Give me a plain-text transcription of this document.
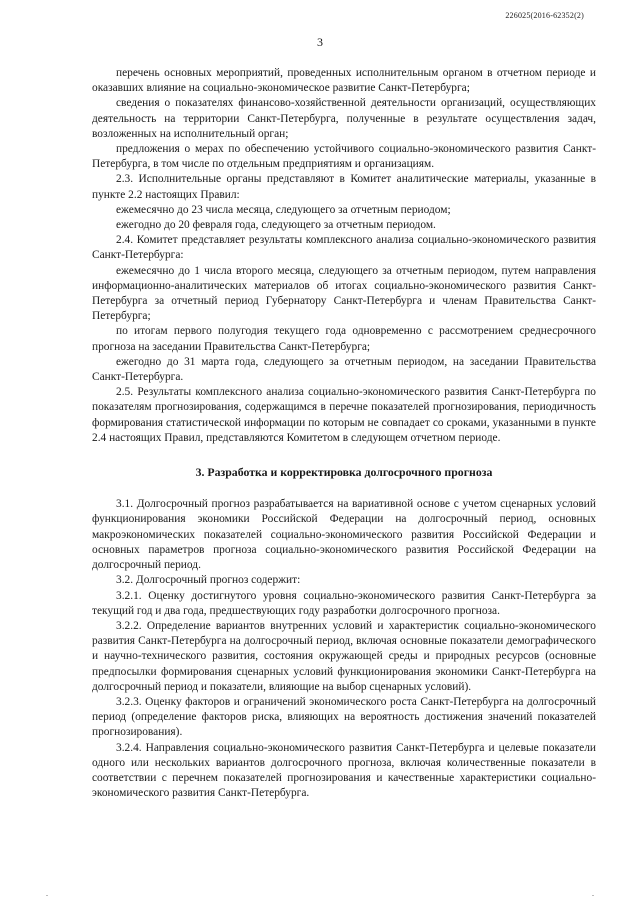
226025(2016-62352(2)
3

перечень основных мероприятий, проведенных исполнительным органом в отчетном периоде и оказавших влияние на социально-экономическое развитие Санкт-Петербурга;

сведения о показателях финансово-хозяйственной деятельности организаций, осуществляющих деятельность на территории Санкт-Петербурга, полученные в результате осуществления задач, возложенных на исполнительный орган;

предложения о мерах по обеспечению устойчивого социально-экономического развития Санкт-Петербурга, в том числе по отдельным предприятиям и организациям.

2.3. Исполнительные органы представляют в Комитет аналитические материалы, указанные в пункте 2.2 настоящих Правил:

ежемесячно до 23 числа месяца, следующего за отчетным периодом;

ежегодно до 20 февраля года, следующего за отчетным периодом.

2.4. Комитет представляет результаты комплексного анализа социально-экономического развития Санкт-Петербурга:

ежемесячно до 1 числа второго месяца, следующего за отчетным периодом, путем направления информационно-аналитических материалов об итогах социально-экономического развития Санкт-Петербурга за отчетный период Губернатору Санкт-Петербурга и членам Правительства Санкт-Петербурга;

по итогам первого полугодия текущего года одновременно с рассмотрением среднесрочного прогноза на заседании Правительства Санкт-Петербурга;

ежегодно до 31 марта года, следующего за отчетным периодом, на заседании Правительства Санкт-Петербурга.

2.5. Результаты комплексного анализа социально-экономического развития Санкт-Петербурга по показателям прогнозирования, содержащимся в перечне показателей прогнозирования, периодичность формирования статистической информации по которым не совпадает со сроками, указанными в пункте 2.4 настоящих Правил, представляются Комитетом в следующем отчетном периоде.

3. Разработка и корректировка долгосрочного прогноза

3.1. Долгосрочный прогноз разрабатывается на вариативной основе с учетом сценарных условий функционирования экономики Российской Федерации на долгосрочный период, основных макроэкономических показателей социально-экономического развития Российской Федерации и основных параметров прогноза социально-экономического развития Российской Федерации на долгосрочный период.

3.2. Долгосрочный прогноз содержит:

3.2.1. Оценку достигнутого уровня социально-экономического развития Санкт-Петербурга за текущий год и два года, предшествующих году разработки долгосрочного прогноза.

3.2.2. Определение вариантов внутренних условий и характеристик социально-экономического развития Санкт-Петербурга на долгосрочный период, включая основные показатели демографического и научно-технического развития, состояния окружающей среды и природных ресурсов (основные предпосылки формирования сценарных условий функционирования экономики Санкт-Петербурга на долгосрочный период и показатели, влияющие на выбор сценарных условий).

3.2.3. Оценку факторов и ограничений экономического роста Санкт-Петербурга на долгосрочный период (определение факторов риска, влияющих на вероятность достижения значений показателей прогнозирования).

3.2.4. Направления социально-экономического развития Санкт-Петербурга и целевые показатели одного или нескольких вариантов долгосрочного прогноза, включая количественные показатели в соответствии с перечнем показателей прогнозирования и качественные характеристики социально-экономического развития Санкт-Петербурга.
